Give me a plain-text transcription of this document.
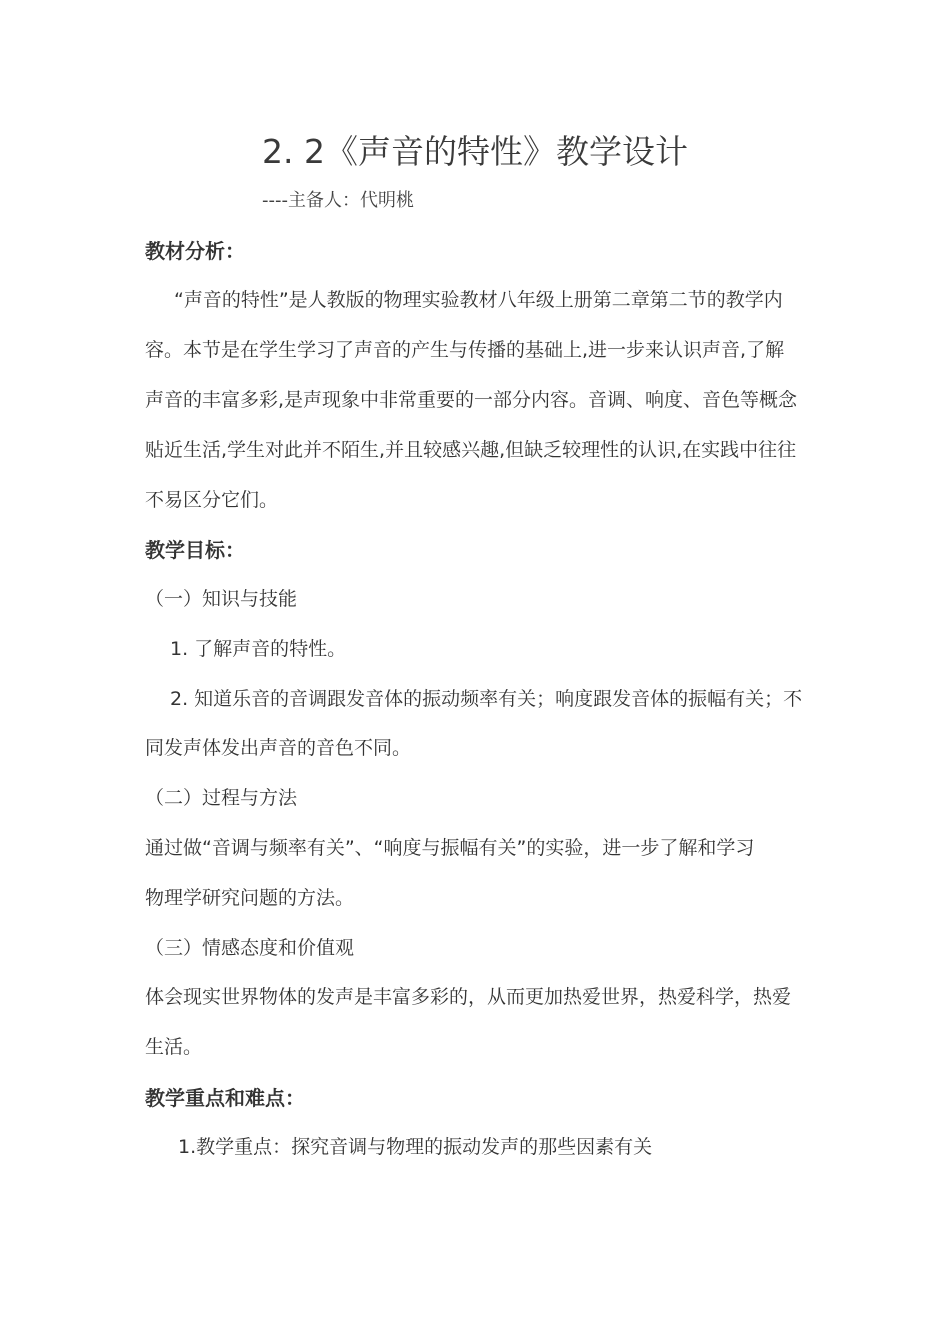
2. 2《声音的特性》教学设计
----主备人：代明桃
教材分析：
“声音的特性”是人教版的物理实验教材八年级上册第二章第二节的教学内
容。本节是在学生学习了声音的产生与传播的基础上,进一步来认识声音,了解
声音的丰富多彩,是声现象中非常重要的一部分内容。音调、响度、音色等概念
贴近生活,学生对此并不陌生,并且较感兴趣,但缺乏较理性的认识,在实践中往往
不易区分它们。
教学目标：
（一）知识与技能
1. 了解声音的特性。
2. 知道乐音的音调跟发音体的振动频率有关；响度跟发音体的振幅有关；不
同发声体发出声音的音色不同。
（二）过程与方法
通过做“音调与频率有关”、“响度与振幅有关”的实验，进一步了解和学习
物理学研究问题的方法。
（三）情感态度和价值观
体会现实世界物体的发声是丰富多彩的，从而更加热爱世界，热爱科学，热爱
生活。
教学重点和难点：
1.教学重点：探究音调与物理的振动发声的那些因素有关
